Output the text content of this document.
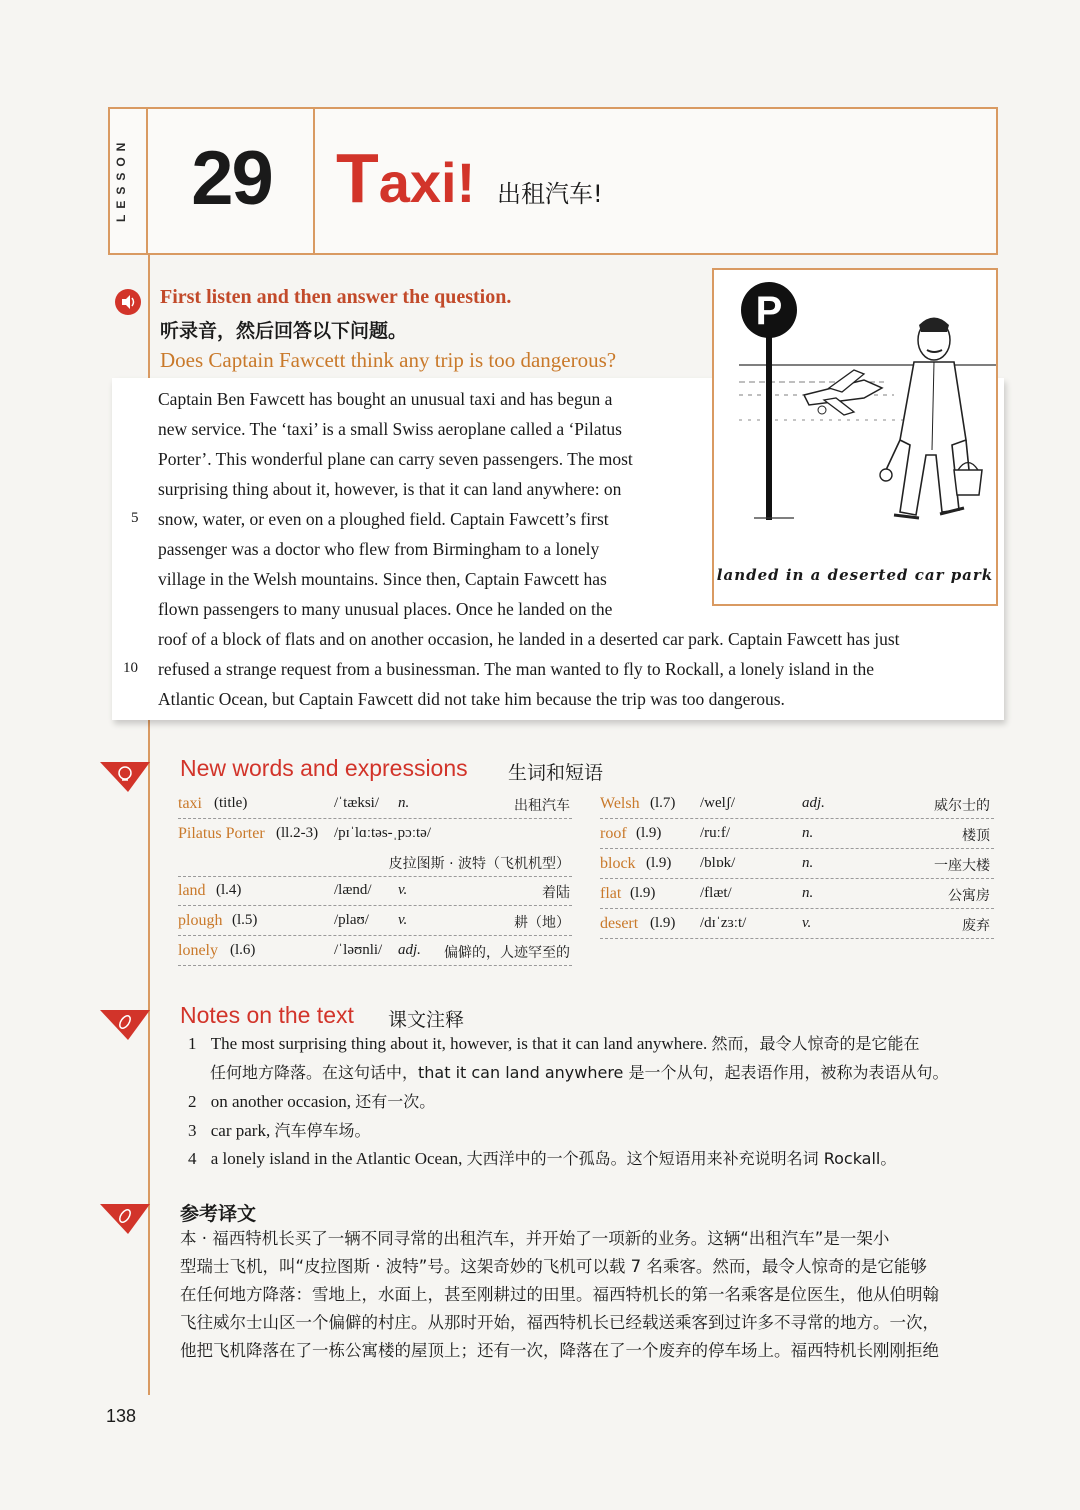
LESSON 29 Taxi! 出租汽车!
First listen and then answer the question.
听录音，然后回答以下问题。
Does Captain Fawcett think any trip is too dangerous?
Captain Ben Fawcett has bought an unusual taxi and has begun a
new service. The ‘taxi’ is a small Swiss aeroplane called a ‘Pilatus
Porter’. This wonderful plane can carry seven passengers. The most
surprising thing about it, however, is that it can land anywhere: on
snow, water, or even on a ploughed field. Captain Fawcett’s first
passenger was a doctor who flew from Birmingham to a lonely
village in the Welsh mountains. Since then, Captain Fawcett has
flown passengers to many unusual places. Once he landed on the
roof of a block of flats and on another occasion, he landed in a deserted car park. Captain Fawcett has just
refused a strange request from a businessman. The man wanted to fly to Rockall, a lonely island in the
Atlantic Ocean, but Captain Fawcett did not take him because the trip was too dangerous.
5
10
P
landed in a deserted car park
New words and expressions 生词和短语
taxi (title)	/ˈtæksi/ n.	出租汽车
Pilatus Porter (ll.2-3) /pɪˈlɑːtəs-ˌpɔːtə/
皮拉图斯 · 波特（飞机机型）
land (l.4)	/lænd/ v.	着陆
plough (l.5)	/plaʊ/ v.	耕（地）
lonely (l.6)	/ˈləʊnli/ adj. 偏僻的，人迹罕至的
Welsh (l.7) /welʃ/	adj.	威尔士的
roof (l.9)	/ruːf/	n.	楼顶
block (l.9) /blɒk/	n.	一座大楼
flat (l.9)	/flæt/	n.	公寓房
desert (l.9) /dɪˈzɜːt/	v.	废弃
Notes on the text 课文注释
1 The most surprising thing about it, however, is that it can land anywhere. 然而，最令人惊奇的是它能在
任何地方降落。在这句话中，that it can land anywhere 是一个从句，起表语作用，被称为表语从句。
2 on another occasion, 还有一次。
3 car park, 汽车停车场。
4 a lonely island in the Atlantic Ocean, 大西洋中的一个孤岛。这个短语用来补充说明名词 Rockall。
参考译文
本 · 福西特机长买了一辆不同寻常的出租汽车，并开始了一项新的业务。这辆“出租汽车”是一架小
型瑞士飞机，叫“皮拉图斯 · 波特”号。这架奇妙的飞机可以载 7 名乘客。然而，最令人惊奇的是它能够
在任何地方降落：雪地上，水面上，甚至刚耕过的田里。福西特机长的第一名乘客是位医生，他从伯明翰
飞往威尔士山区一个偏僻的村庄。从那时开始，福西特机长已经载送乘客到过许多不寻常的地方。一次，
他把飞机降落在了一栋公寓楼的屋顶上；还有一次，降落在了一个废弃的停车场上。福西特机长刚刚拒绝
138
